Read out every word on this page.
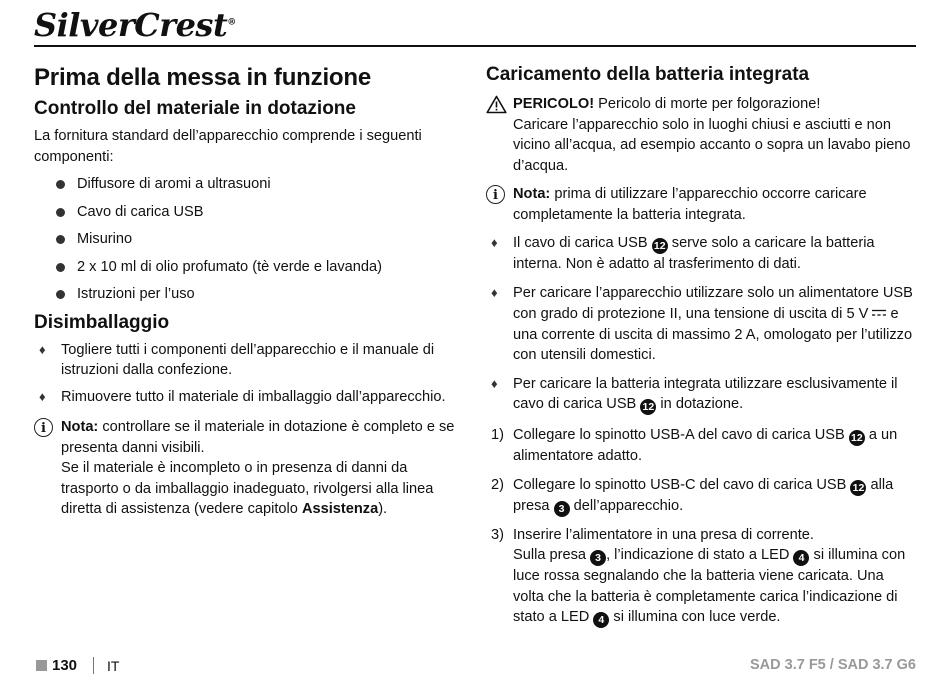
SilverCrest®
Prima della messa in funzione
Controllo del materiale in dotazione

La fornitura standard dell’apparecchio comprende i seguenti componenti:

Diffusore di aromi a ultrasuoni
Cavo di carica USB
Misurino
2 x 10 ml di olio profumato (tè verde e lavanda)
Istruzioni per l’uso
Disimballaggio
♦ Togliere tutti i componenti dell’apparecchio e il manuale di istruzioni dalla confezione.
♦ Rimuovere tutto il materiale di imballaggio dall’apparecchio.
i	Nota: controllare se il materiale in dotazione è completo e se presenta danni visibili.

Se il materiale è incompleto o in presenza di danni da trasporto o da imballaggio inadeguato, rivolgersi alla linea diretta di assistenza (vedere capitolo Assistenza).

Caricamento della batteria integrata

PERICOLO! Pericolo di morte per folgorazione!

Caricare l’apparecchio solo in luoghi chiusi e asciutti e non vicino all’acqua, ad esempio accanto o sopra un lavabo pieno d’acqua.

i	Nota: prima di utilizzare l’apparecchio occorre caricare completamente la batteria integrata.

♦ Il cavo di carica USB 12 serve solo a caricare la batteria interna. Non è adatto al trasferimento di dati.
♦ Per caricare l’apparecchio utilizzare solo un alimentatore USB con grado di protezione II, una tensione di uscita di 5 V e una corrente di uscita di massimo 2 A, omologato per l’utilizzo con utensili domestici.
♦ Per caricare la batteria integrata utilizzare esclusivamente il cavo di carica USB 12 in dotazione.
1) Collegare lo spinotto USB-A del cavo di carica USB 12 a un alimentatore adatto.
2) Collegare lo spinotto USB-C del cavo di carica USB 12 alla presa 3 dell’apparecchio.
3) Inserire l’alimentatore in una presa di corrente.
Sulla presa 3 , l’indicazione di stato a LED 4 si illumina con luce rossa segnalando che la batteria viene caricata. Una volta che la batteria è completamente carica l’indicazione di stato a LED 4 si illumina con luce verde.
130 IT	SAD 3.7 F5 / SAD 3.7 G6
